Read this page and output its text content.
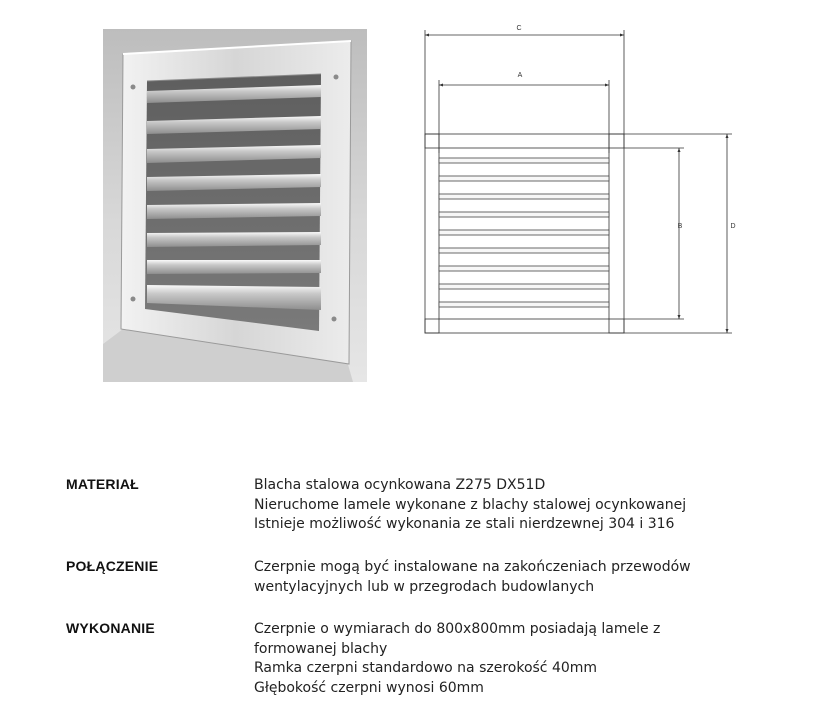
C
A
B	D
MATERIAŁ	Blacha stalowa ocynkowana Z275 DX51D
Nieruchome lamele wykonane z blachy stalowej ocynkowanej
Istnieje możliwość wykonania ze stali nierdzewnej 304 i 316
POŁĄCZENIE	Czerpnie mogą być instalowane na zakończeniach przewodów
wentylacyjnych lub w przegrodach budowlanych
WYKONANIE	Czerpnie o wymiarach do 800x800mm posiadają lamele z
formowanej blachy
Ramka czerpni standardowo na szerokość 40mm
Głębokość czerpni wynosi 60mm
